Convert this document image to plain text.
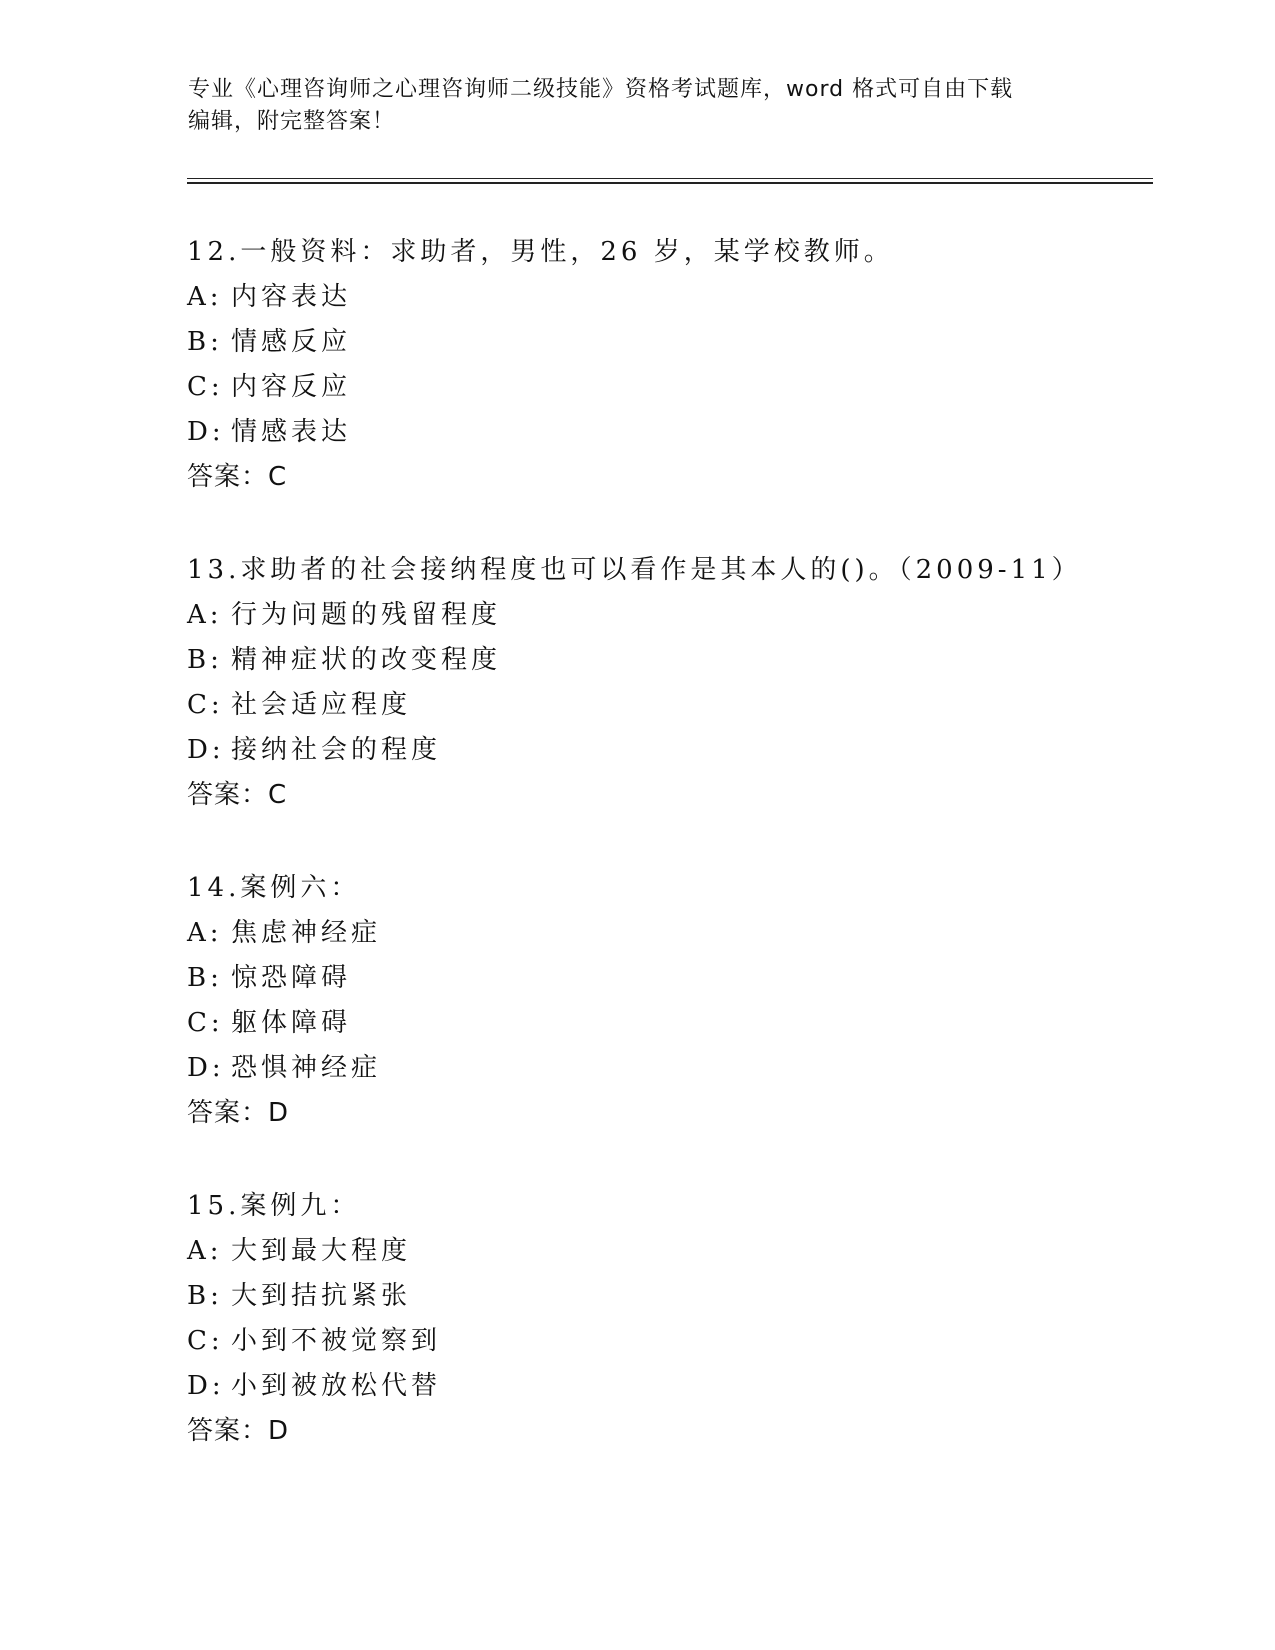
专业《心理咨询师之心理咨询师二级技能》资格考试题库，word 格式可自由下载
编辑，附完整答案！
12.一般资料：求助者，男性，26 岁，某学校教师。
A: 内容表达
B: 情感反应
C: 内容反应
D: 情感表达
答案：C
13.求助者的社会接纳程度也可以看作是其本人的()。（2009-11）
A: 行为问题的残留程度
B: 精神症状的改变程度
C: 社会适应程度
D: 接纳社会的程度
答案：C
14.案例六：
A: 焦虑神经症
B: 惊恐障碍
C: 躯体障碍
D: 恐惧神经症
答案：D
15.案例九：
A: 大到最大程度
B: 大到拮抗紧张
C: 小到不被觉察到
D: 小到被放松代替
答案：D
